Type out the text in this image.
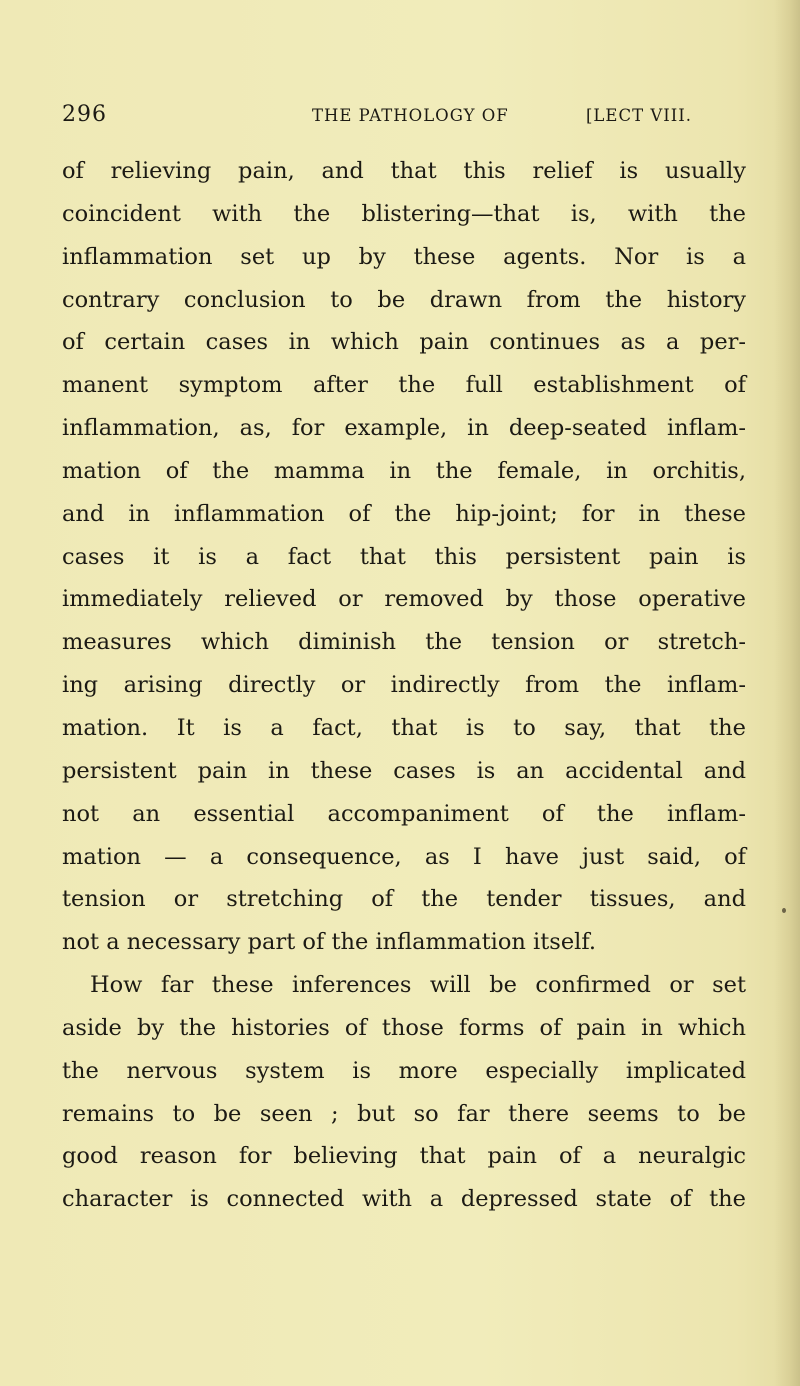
296	THE PATHOLOGY OF	[LECT VIII.
of relieving pain, and that this relief is usually
coincident with the blistering—that is, with the
inflammation set up by these agents. Nor is a
contrary conclusion to be drawn from the history
of certain cases in which pain continues as a per-
manent symptom after the full establishment of
inflammation, as, for example, in deep-seated inflam-
mation of the mamma in the female, in orchitis,
and in inflammation of the hip-joint; for in these
cases it is a fact that this persistent pain is
immediately relieved or removed by those operative
measures which diminish the tension or stretch-
ing arising directly or indirectly from the inflam-
mation. It is a fact, that is to say, that the
persistent pain in these cases is an accidental and
not an essential accompaniment of the inflam-
mation — a consequence, as I have just said, of
tension or stretching of the tender tissues, and
not a necessary part of the inflammation itself.
How far these inferences will be confirmed or set
aside by the histories of those forms of pain in which
the nervous system is more especially implicated
remains to be seen ; but so far there seems to be
good reason for believing that pain of a neuralgic
character is connected with a depressed state of the
